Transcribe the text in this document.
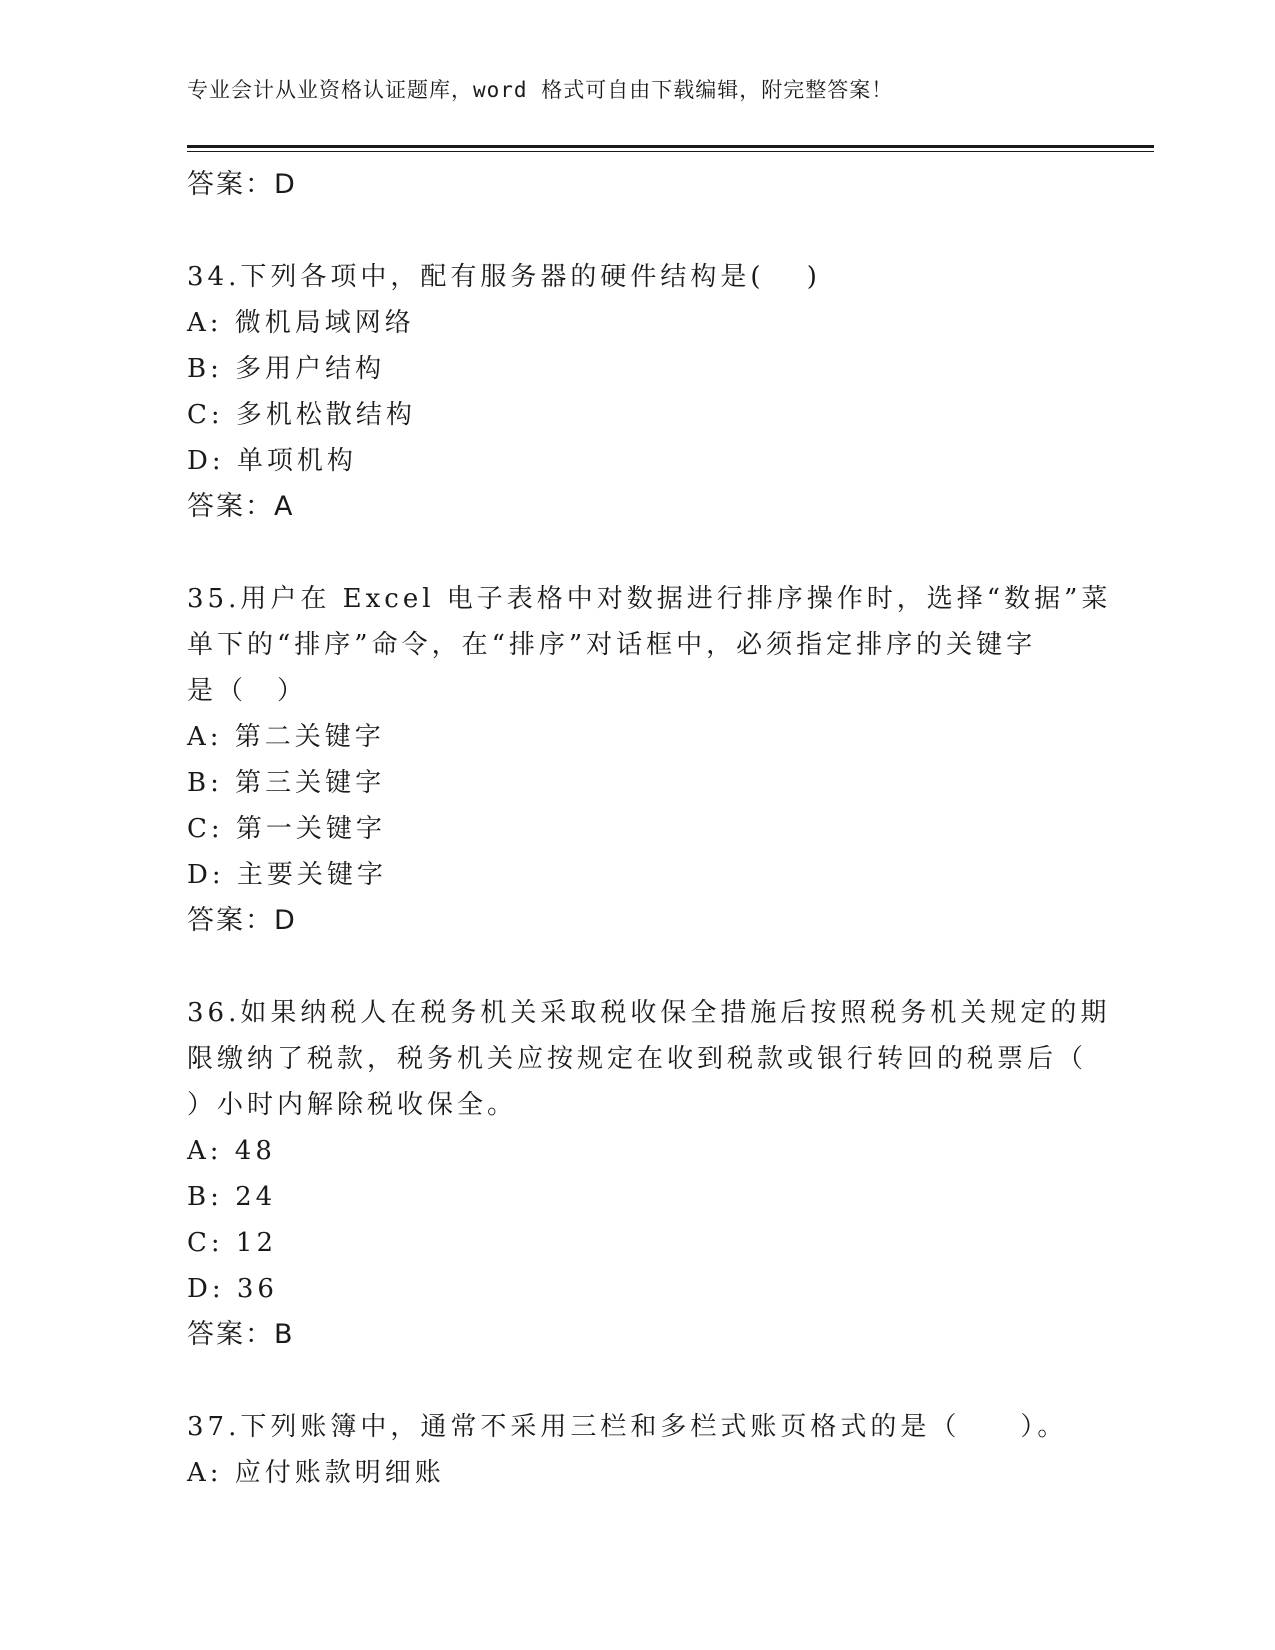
专业会计从业资格认证题库，word 格式可自由下载编辑，附完整答案！
答案：D
34.下列各项中，配有服务器的硬件结构是(　 )
A: 微机局域网络
B: 多用户结构
C: 多机松散结构
D: 单项机构
答案：A
35.用户在 Excel 电子表格中对数据进行排序操作时，选择“数据”菜
单下的“排序”命令，在“排序”对话框中，必须指定排序的关键字
是（　）
A: 第二关键字
B: 第三关键字
C: 第一关键字
D: 主要关键字
答案：D
36.如果纳税人在税务机关采取税收保全措施后按照税务机关规定的期
限缴纳了税款，税务机关应按规定在收到税款或银行转回的税票后（
）小时内解除税收保全。
A: 48
B: 24
C: 12
D: 36
答案：B
37.下列账簿中，通常不采用三栏和多栏式账页格式的是（　　）。
A: 应付账款明细账
